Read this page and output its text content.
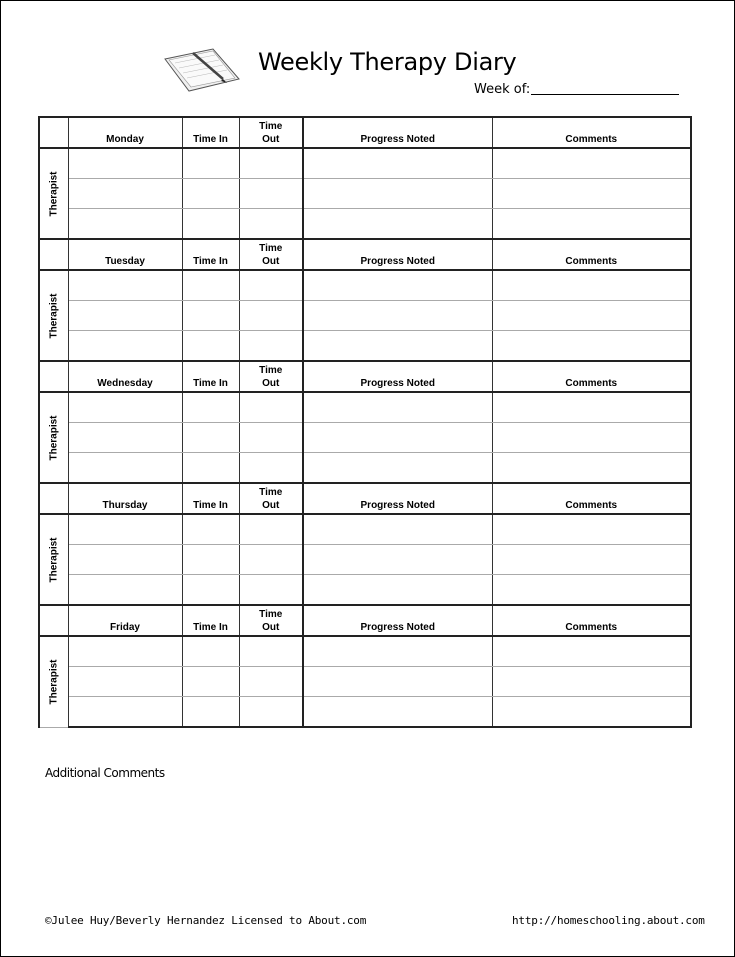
Weekly Therapy Diary
Week of:
	Monday	Time In	Time Out	Progress Noted	Comments

Therapist					

	Tuesday	Time In	Time Out	Progress Noted	Comments

Therapist					

	Wednesday	Time In	Time Out	Progress Noted	Comments

Therapist					

	Thursday	Time In	Time Out	Progress Noted	Comments

Therapist					

	Friday	Time In	Time Out	Progress Noted	Comments

Therapist					

Additional Comments
©Julee Huy/Beverly Hernandez Licensed to About.com	http://homeschooling.about.com
